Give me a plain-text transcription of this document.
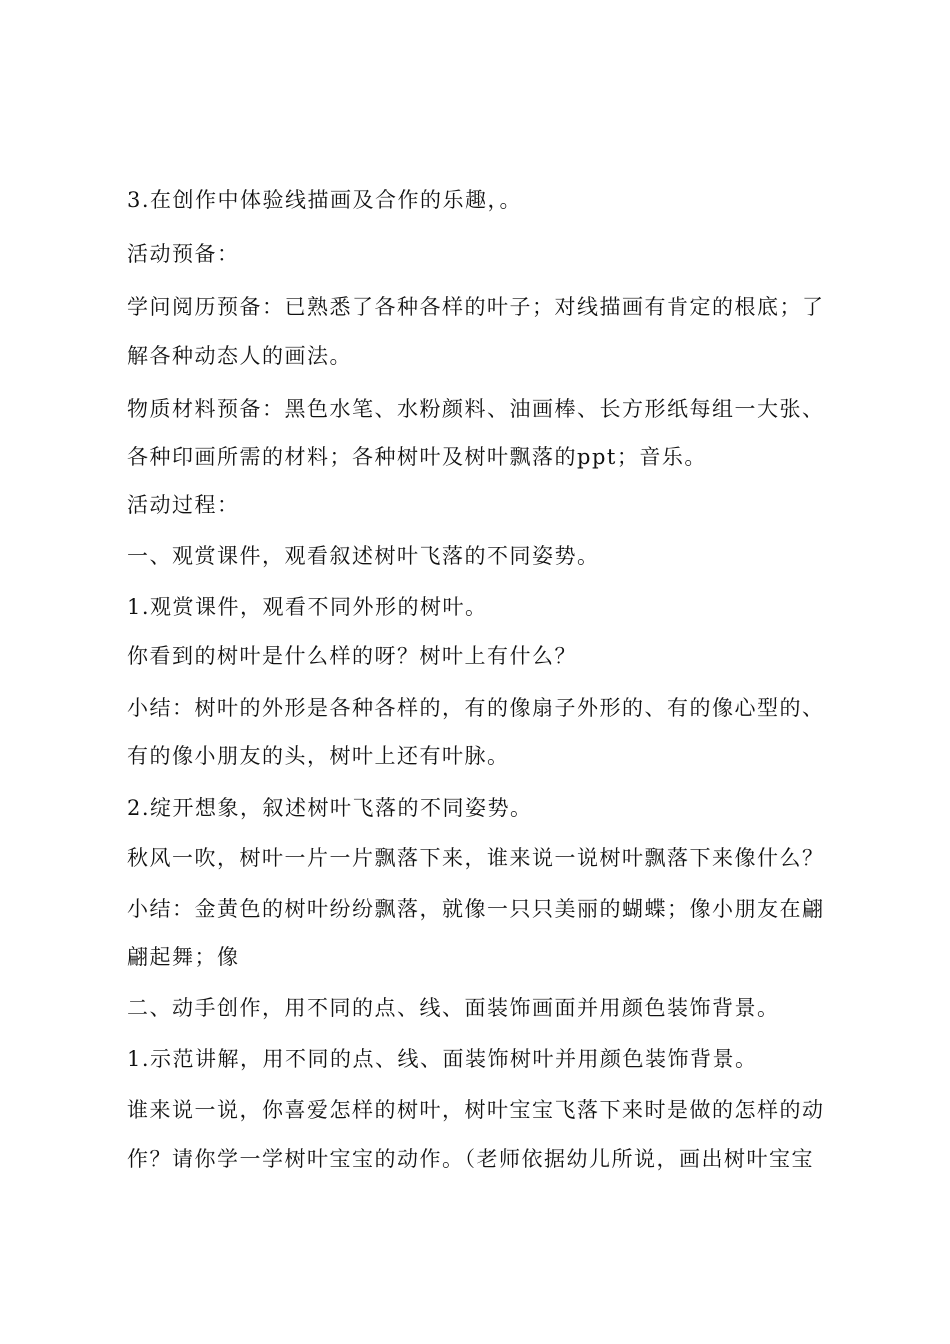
3.在创作中体验线描画及合作的乐趣，。
活动预备：
学问阅历预备：已熟悉了各种各样的叶子；对线描画有肯定的根底；了
解各种动态人的画法。
物质材料预备：黑色水笔、水粉颜料、油画棒、长方形纸每组一大张、
各种印画所需的材料；各种树叶及树叶飘落的ppt；音乐。
活动过程：
一、观赏课件，观看叙述树叶飞落的不同姿势。
1.观赏课件，观看不同外形的树叶。
你看到的树叶是什么样的呀？树叶上有什么？
小结：树叶的外形是各种各样的，有的像扇子外形的、有的像心型的、
有的像小朋友的头，树叶上还有叶脉。
2.绽开想象，叙述树叶飞落的不同姿势。
秋风一吹，树叶一片一片飘落下来，谁来说一说树叶飘落下来像什么？
小结：金黄色的树叶纷纷飘落，就像一只只美丽的蝴蝶；像小朋友在翩
翩起舞；像
二、动手创作，用不同的点、线、面装饰画面并用颜色装饰背景。
1.示范讲解，用不同的点、线、面装饰树叶并用颜色装饰背景。
谁来说一说，你喜爱怎样的树叶，树叶宝宝飞落下来时是做的怎样的动
作？请你学一学树叶宝宝的动作。（老师依据幼儿所说，画出树叶宝宝
